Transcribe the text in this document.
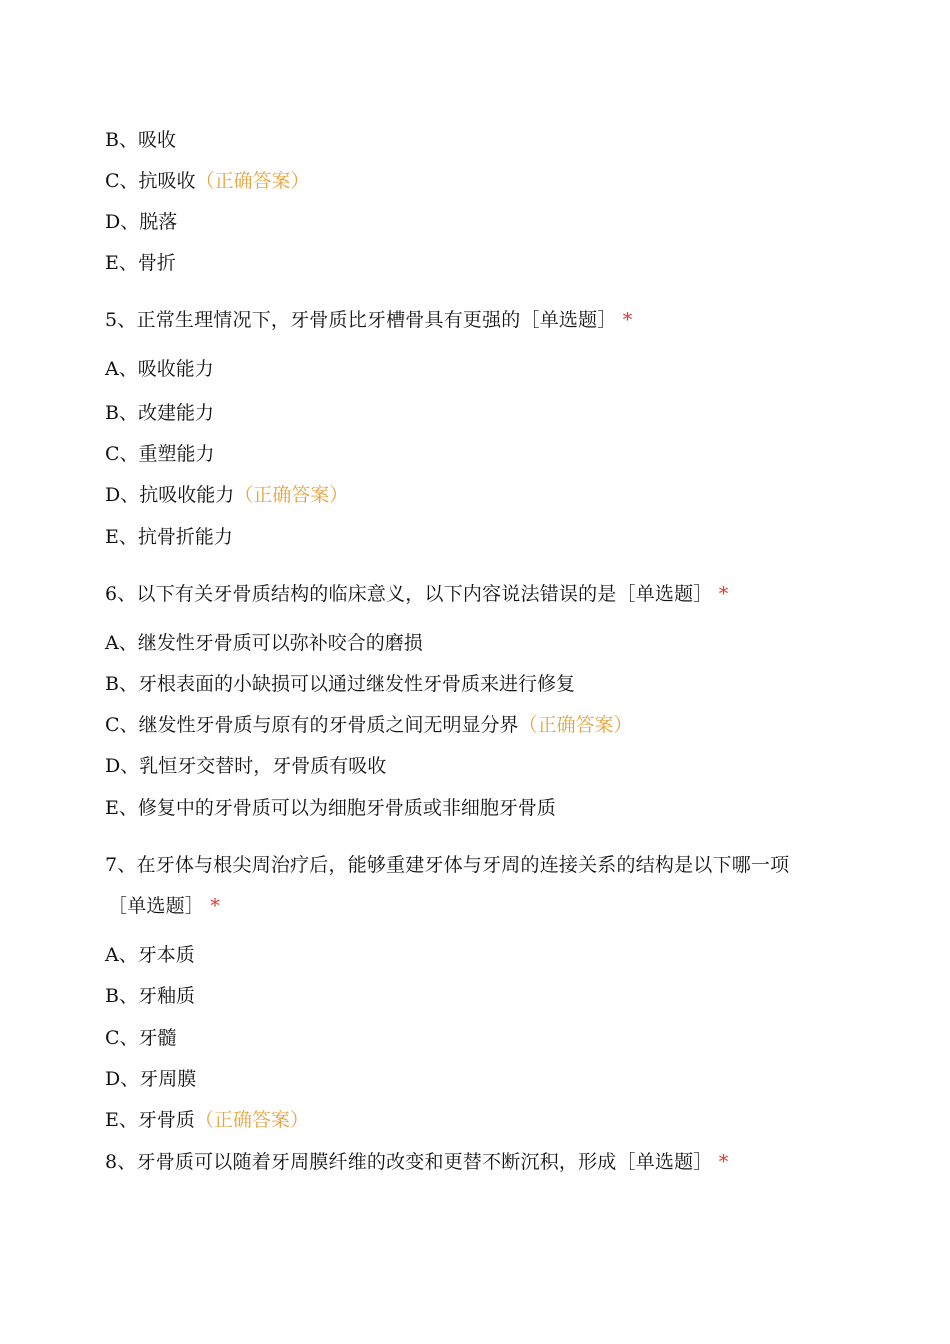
B、吸收
C、抗吸收（正确答案）
D、脱落
E、骨折
5、正常生理情况下，牙骨质比牙槽骨具有更强的［单选题］ *
A、吸收能力
B、改建能力
C、重塑能力
D、抗吸收能力（正确答案）
E、抗骨折能力
6、以下有关牙骨质结构的临床意义，以下内容说法错误的是［单选题］ *
A、继发性牙骨质可以弥补咬合的磨损
B、牙根表面的小缺损可以通过继发性牙骨质来进行修复
C、继发性牙骨质与原有的牙骨质之间无明显分界（正确答案）
D、乳恒牙交替时，牙骨质有吸收
E、修复中的牙骨质可以为细胞牙骨质或非细胞牙骨质
7、在牙体与根尖周治疗后，能够重建牙体与牙周的连接关系的结构是以下哪一项
［单选题］ *
A、牙本质
B、牙釉质
C、牙髓
D、牙周膜
E、牙骨质（正确答案）
8、牙骨质可以随着牙周膜纤维的改变和更替不断沉积，形成［单选题］ *
